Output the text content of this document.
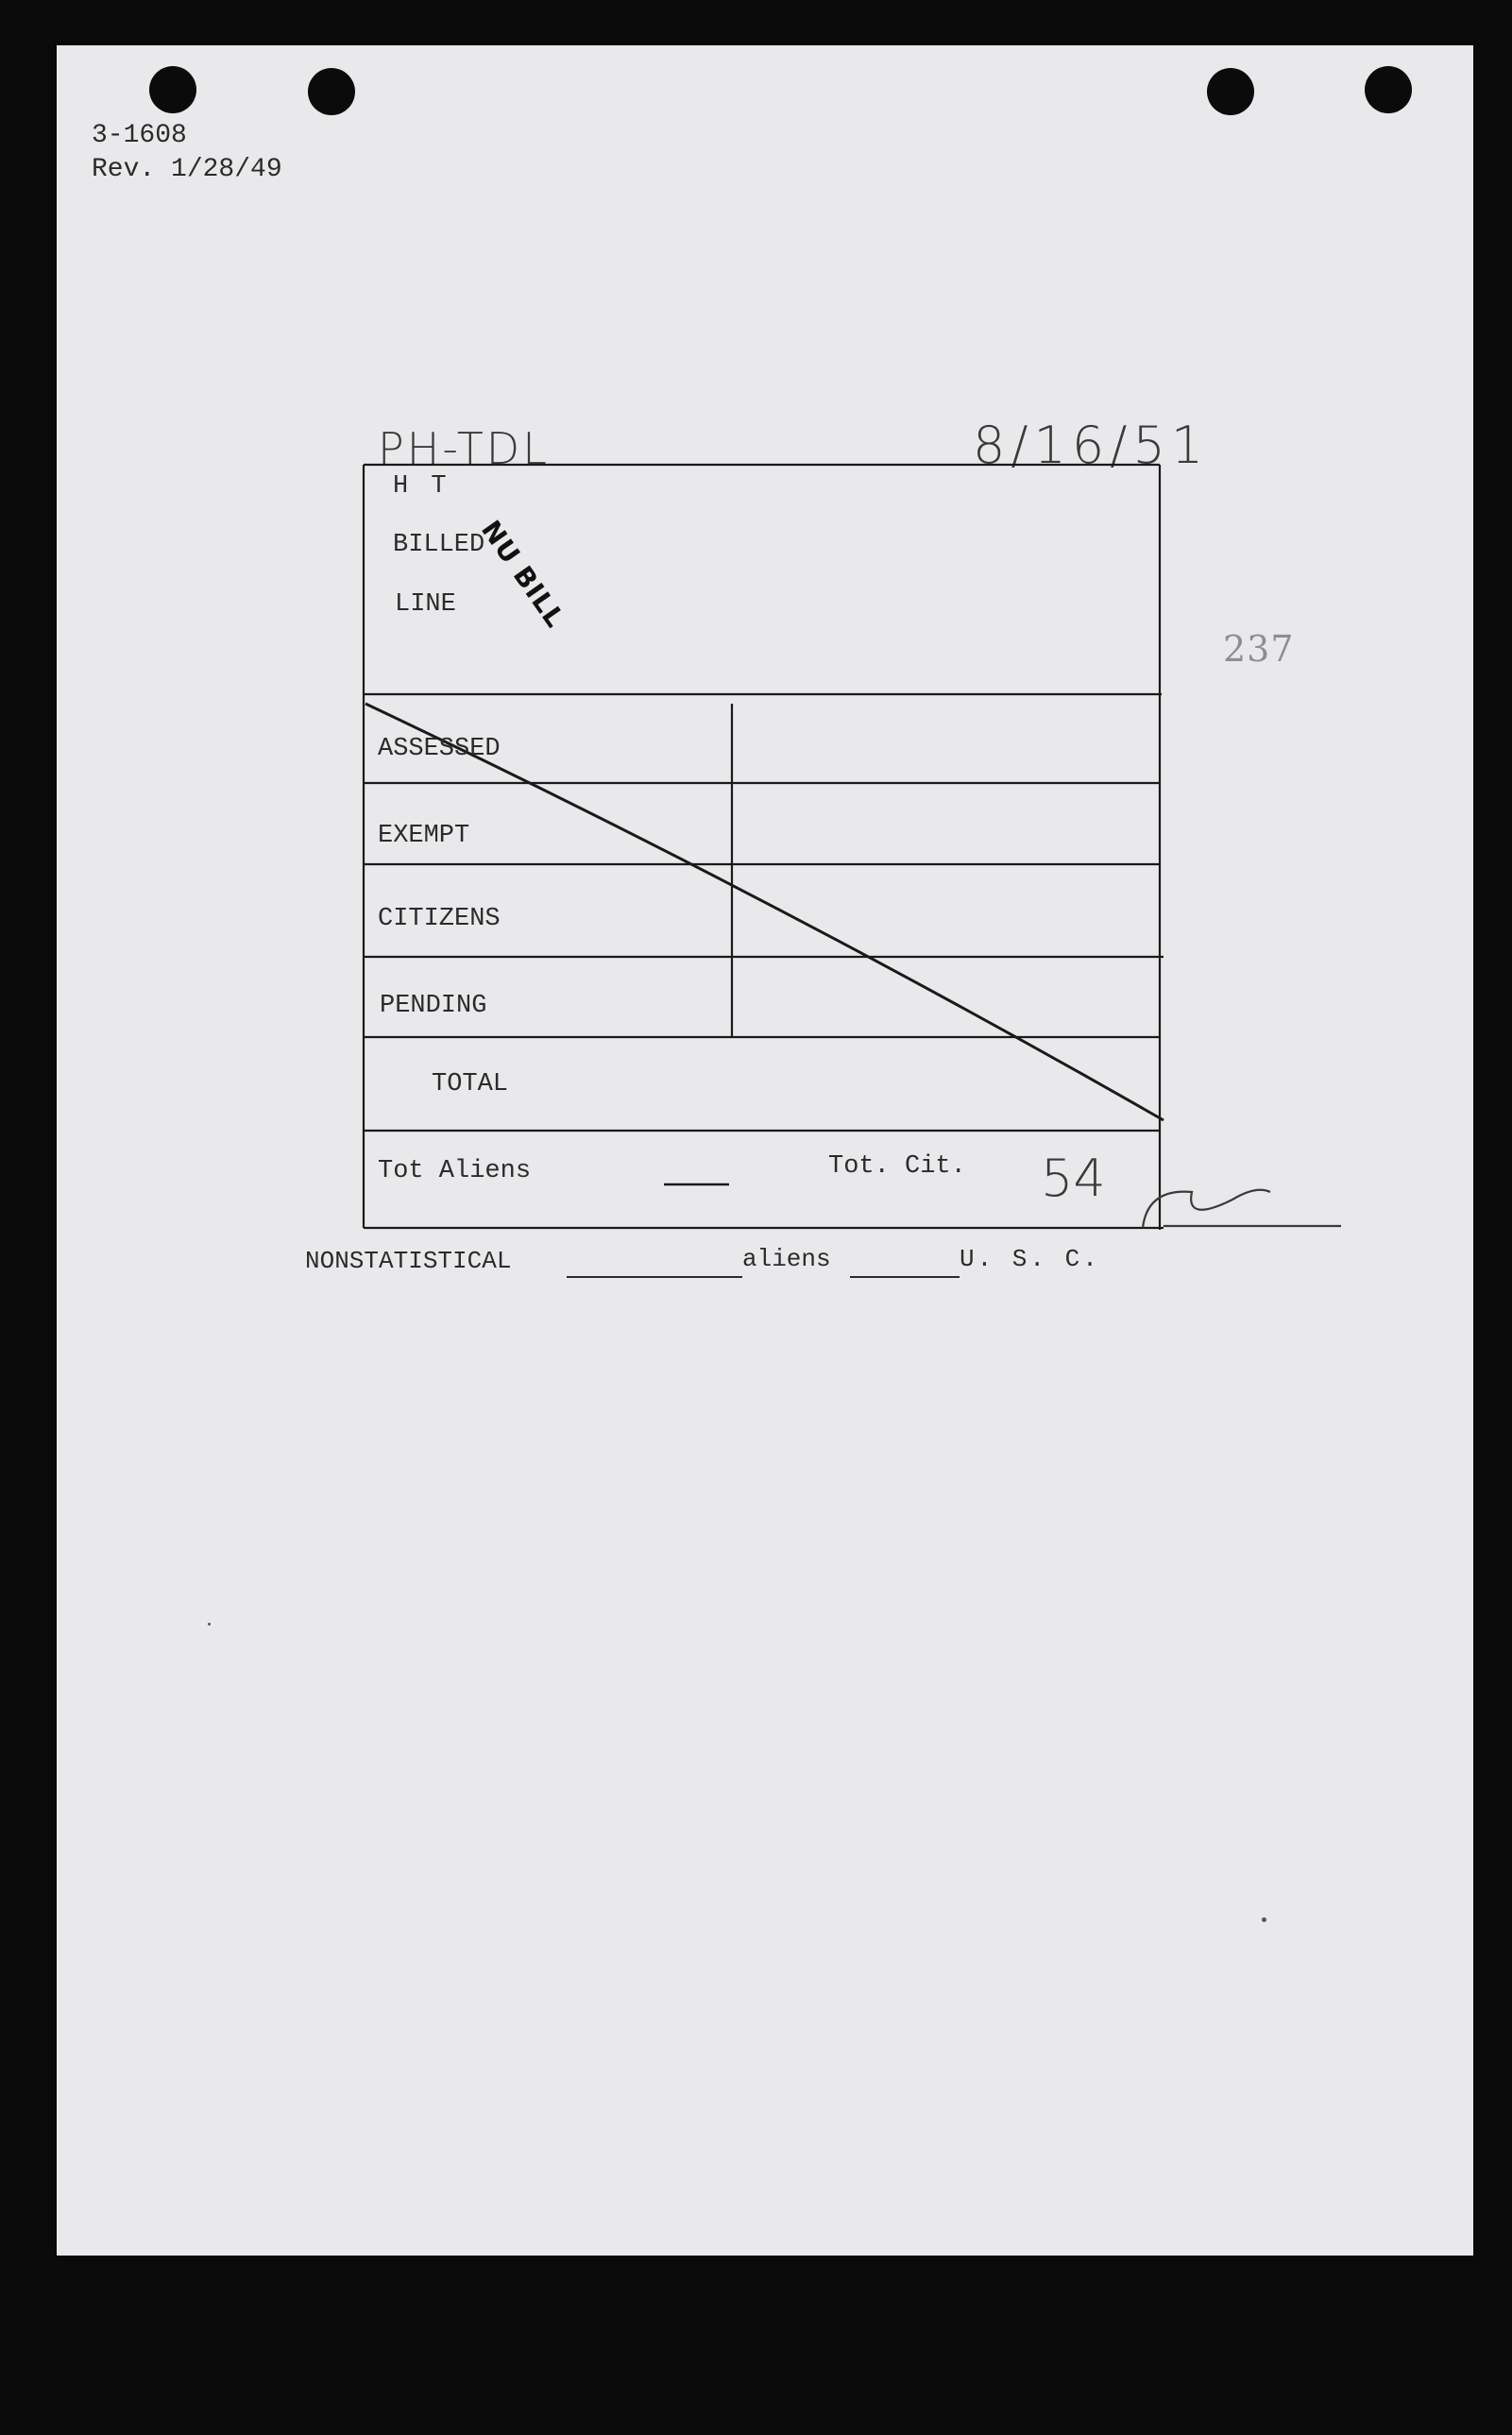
3-1608
Rev. 1/28/49
PH-TDL	8/16/51
237
NU BILL
H T
BILLED
LINE
ASSESSED
EXEMPT
CITIZENS
PENDING
TOTAL
Tot Aliens	Tot. Cit. 54
NONSTATISTICAL	aliens	U. S. C.
